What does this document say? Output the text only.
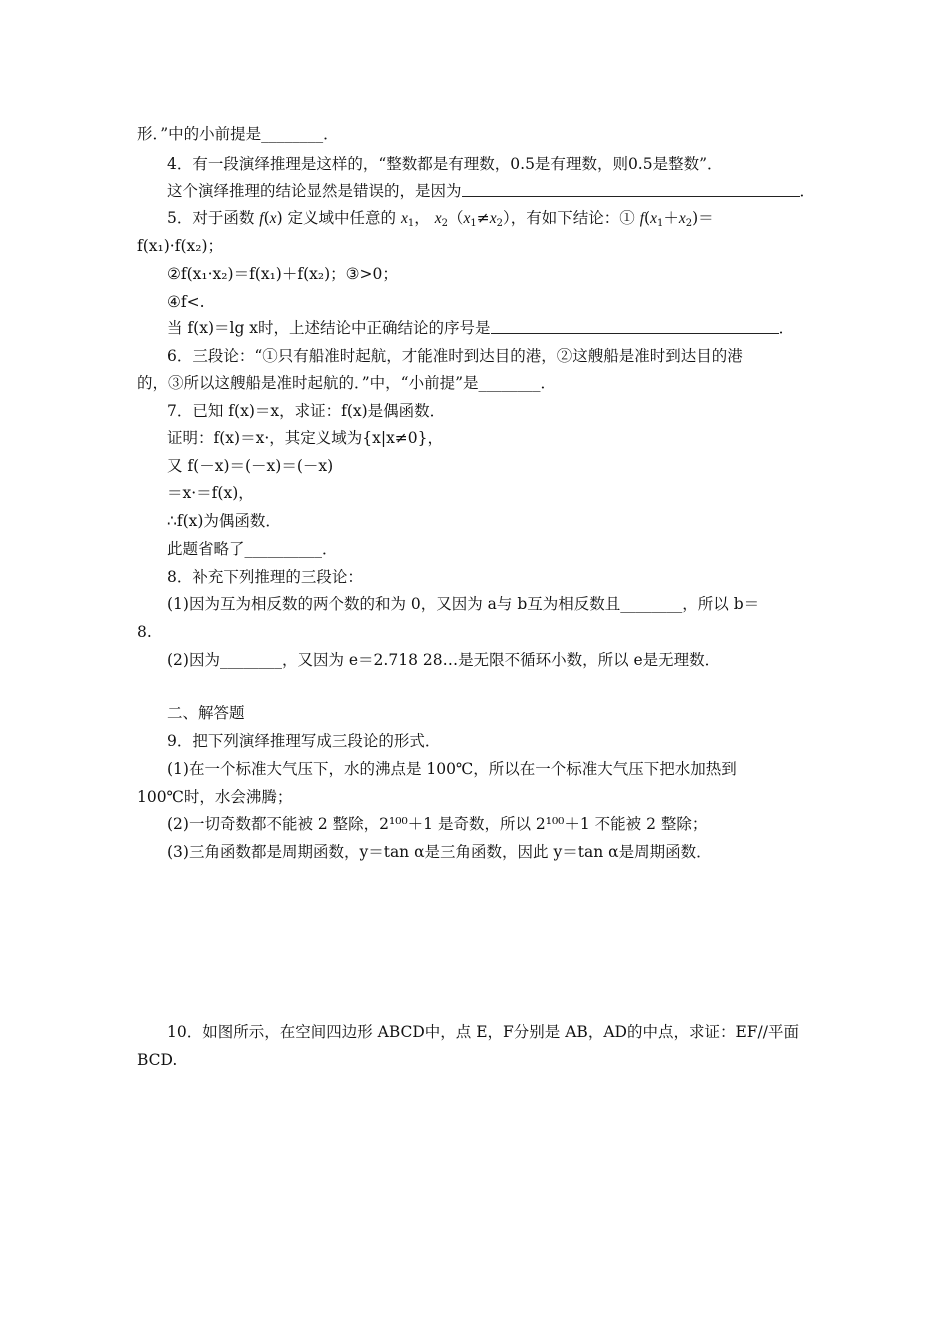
形．”中的小前提是________．
4．有一段演绎推理是这样的，“整数都是有理数，0.5是有理数，则0.5是整数”．
这个演绎推理的结论显然是错误的，是因为	．
5．对于函数 f(x) 定义域中任意的 $x_1$， $x_2(x_1\ne x_2)$，有如下结论：① $f(x_1+x_2)=$
f(x₁)·f(x₂)；
②f(x₁·x₂)＝f(x₁)＋f(x₂)；③>0；
④f<.
当 f(x)＝lg x时，上述结论中正确结论的序号是	．
6．三段论：“①只有船准时起航，才能准时到达目的港，②这艘船是准时到达目的港
的，③所以这艘船是准时起航的．”中，“小前提”是________．
7．已知 f(x)＝x，求证：f(x)是偶函数．
证明：f(x)＝x·，其定义域为{x|x≠0}，
又 f(－x)＝(－x)＝(－x)
＝x·＝f(x)，
∴f(x)为偶函数．
此题省略了__________．
8．补充下列推理的三段论：
(1)因为互为相反数的两个数的和为 0，又因为 a与 b互为相反数且________，所以 b＝
8.
(2)因为________，又因为 e＝2.718 28…是无限不循环小数，所以 e是无理数．
二、解答题
9．把下列演绎推理写成三段论的形式．
(1)在一个标准大气压下，水的沸点是 100℃，所以在一个标准大气压下把水加热到
100℃时，水会沸腾；
(2)一切奇数都不能被 2 整除，2¹⁰⁰＋1 是奇数，所以 2¹⁰⁰＋1 不能被 2 整除；
(3)三角函数都是周期函数，y＝tan α是三角函数，因此 y＝tan α是周期函数．
10．如图所示，在空间四边形 ABCD中，点 E，F分别是 AB，AD的中点，求证：EF//平面
BCD.
